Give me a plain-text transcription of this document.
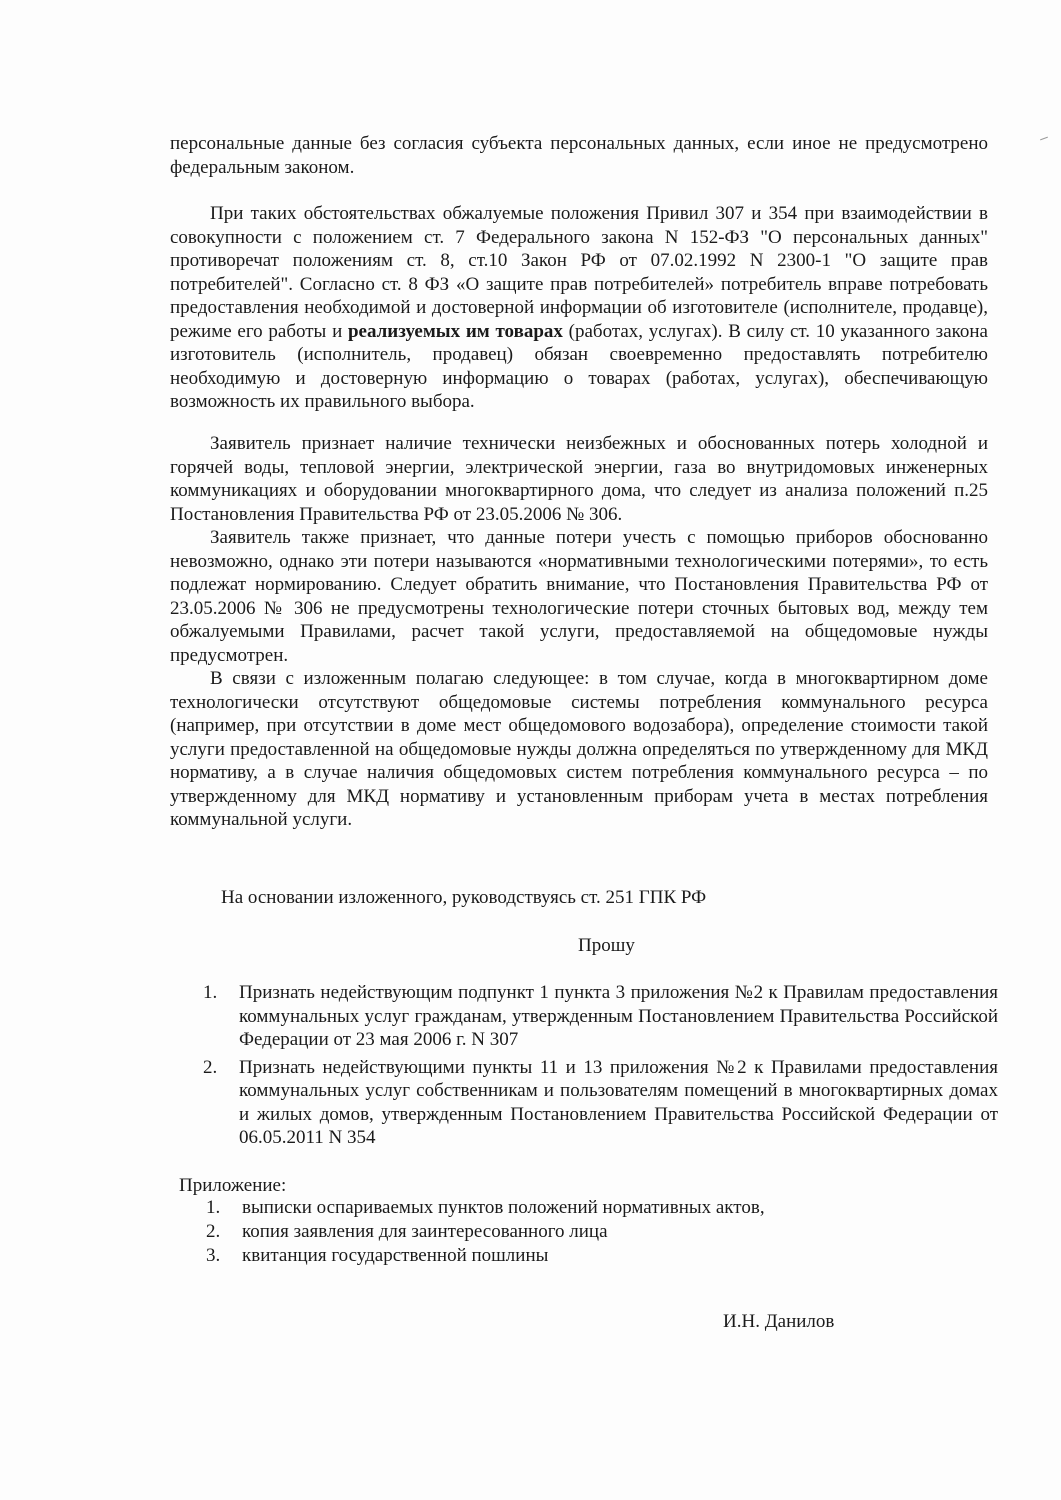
персональные данные без согласия субъекта персональных данных, если иное не предусмотрено федеральным законом.

При таких обстоятельствах обжалуемые положения Привил 307 и 354 при взаимодействии в совокупности с положением ст. 7 Федерального закона N 152-ФЗ "О персональных данных" противоречат положениям ст. 8, ст.10 Закон РФ от 07.02.1992 N 2300-1 "О защите прав потребителей". Согласно ст. 8 ФЗ «О защите прав потребителей» потребитель вправе потребовать предоставления необходимой и достоверной информации об изготовителе (исполнителе, продавце), режиме его работы и реализуемых им товарах (работах, услугах). В силу ст. 10 указанного закона изготовитель (исполнитель, продавец) обязан своевременно предоставлять потребителю необходимую и достоверную информацию о товарах (работах, услугах), обеспечивающую возможность их правильного выбора.

Заявитель признает наличие технически неизбежных и обоснованных потерь холодной и горячей воды, тепловой энергии, электрической энергии, газа во внутридомовых инженерных коммуникациях и оборудовании многоквартирного дома, что следует из анализа положений п.25 Постановления Правительства РФ от 23.05.2006 № 306.

Заявитель также признает, что данные потери учесть с помощью приборов обоснованно невозможно, однако эти потери называются «нормативными технологическими потерями», то есть подлежат нормированию. Следует обратить внимание, что Постановления Правительства РФ от 23.05.2006 № 306 не предусмотрены технологические потери сточных бытовых вод, между тем обжалуемыми Правилами, расчет такой услуги, предоставляемой на общедомовые нужды предусмотрен.

В связи с изложенным полагаю следующее: в том случае, когда в многоквартирном доме технологически отсутствуют общедомовые системы потребления коммунального ресурса (например, при отсутствии в доме мест общедомового водозабора), определение стоимости такой услуги предоставленной на общедомовые нужды должна определяться по утвержденному для МКД нормативу, а в случае наличия общедомовых систем потребления коммунального ресурса – по утвержденному для МКД нормативу и установленным приборам учета в местах потребления коммунальной услуги.

На основании изложенного, руководствуясь ст. 251 ГПК РФ
Прошу
1.	Признать недействующим подпункт 1 пункта 3 приложения №2 к Правилам предоставления коммунальных услуг гражданам, утвержденным Постановлением Правительства Российской Федерации от 23 мая 2006 г. N 307
2.	Признать недействующими пункты 11 и 13 приложения №2 к Правилами предоставления коммунальных услуг собственникам и пользователям помещений в многоквартирных домах и жилых домов, утвержденным Постановлением Правительства Российской Федерации от 06.05.2011 N 354
Приложение:
1.	выписки оспариваемых пунктов положений нормативных актов,
2.	копия заявления для заинтересованного лица
3.	квитанция государственной пошлины
И.Н. Данилов
